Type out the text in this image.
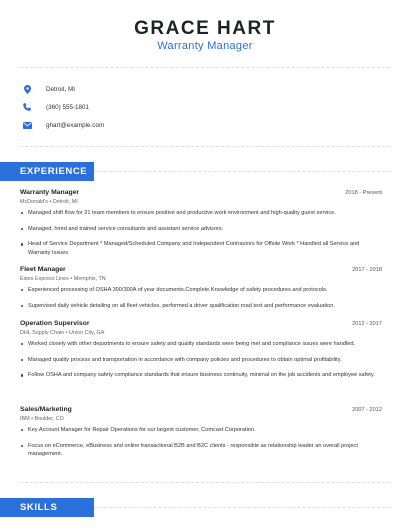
GRACE HART
Warranty Manager
Detroit, MI
(360) 555-1801
ghart@example.com
EXPERIENCE
Warranty Manager	2018 - Present
McDonald's • Detroit, MI
Managed shift flow for 21 team members to ensure positive and productive work environment and high-quality guest service.
Managed, hired and trained service consultants and assistant service advisors.
Head of Service Department * Managed/Scheduled Company and Independent Contractors for Offsite Work * Handled all Service and Warranty Issues
Fleet Manager	2017 - 2018
Estes Express Lines • Memphis, TN
Experienced processing of OSHA 300/300A of year documents.Complete Knowledge of safety procedures and protocols.
Supervised daily vehicle detailing on all fleet vehicles, performed a driver qualification road test and performance evaluation.
Operation Supervisor	2012 - 2017
DHL Supply Chain • Union City, GA
Worked closely with other departments to ensure safety and quality standards were being met and compliance issues were handled.
Managed quality process and transportation in accordance with company policies and procedures to obtain optimal profitability.
Follow OSHA and company safety compliance standards that ensure business continuity, minimal on the job accidents and employee safety.
Sales/Marketing	2007 - 2012
IBM • Boulder, CO
Key Account Manager for Repair Operations for our largest customer, Comcast Corporation.
Focus on eCommerce, eBusiness and online transactional B2B and B2C clients - responsible as relationship leader an overall project management.
SKILLS
